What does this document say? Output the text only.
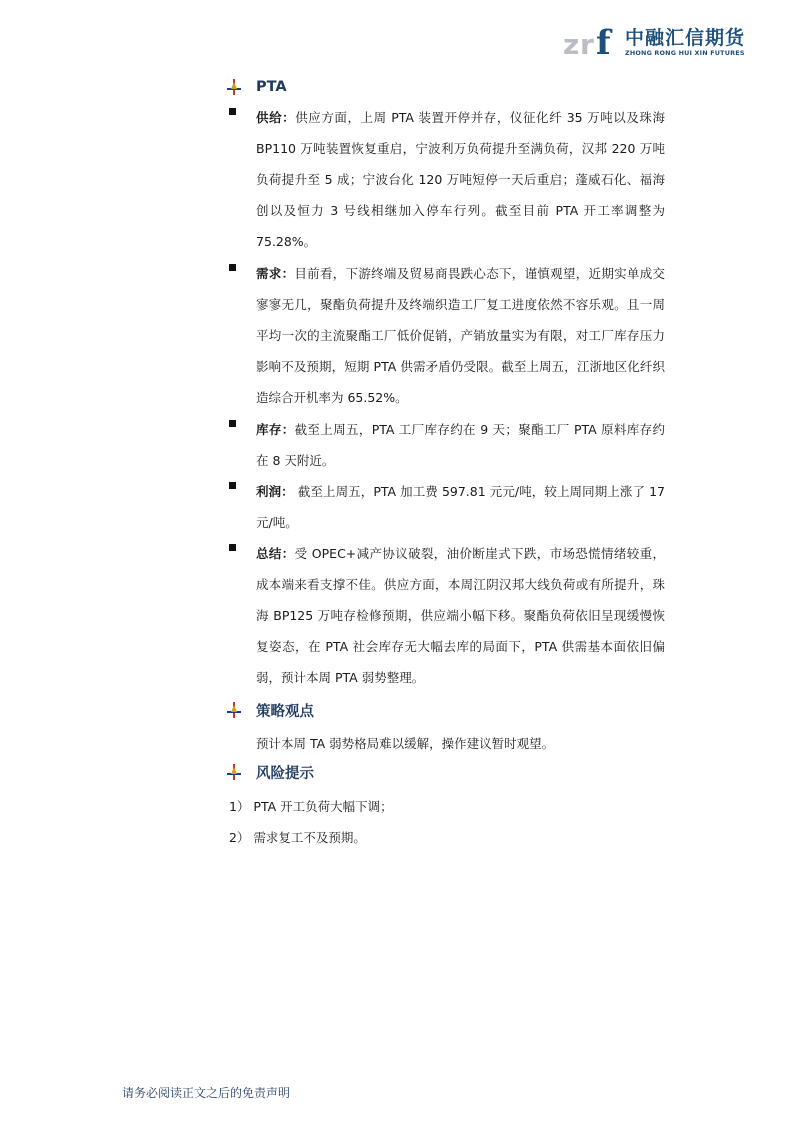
z r f 中融汇信期货
ZHONG RONG HUI XIN FUTURES
PTA
供给：供应方面，上周 PTA 装置开停并存，仪征化纤 35 万吨以及珠海 BP110 万吨装置恢复重启，宁波利万负荷提升至满负荷，汉邦 220 万吨负荷提升至 5 成；宁波台化 120 万吨短停一天后重启；蓬威石化、福海创以及恒力 3 号线相继加入停车行列。截至目前 PTA 开工率调整为 75.28%。
需求：目前看，下游终端及贸易商畏跌心态下，谨慎观望，近期实单成交寥寥无几，聚酯负荷提升及终端织造工厂复工进度依然不容乐观。且一周平均一次的主流聚酯工厂低价促销，产销放量实为有限，对工厂库存压力影响不及预期，短期 PTA 供需矛盾仍受限。截至上周五，江浙地区化纤织造综合开机率为 65.52%。
库存：截至上周五，PTA 工厂库存约在 9 天；聚酯工厂 PTA 原料库存约在 8 天附近。
利润： 截至上周五，PTA 加工费 597.81 元元/吨，较上周同期上涨了 17 元/吨。
总结：受 OPEC+减产协议破裂，油价断崖式下跌，市场恐慌情绪较重，成本端来看支撑不佳。供应方面，本周江阴汉邦大线负荷或有所提升，珠海 BP125 万吨存检修预期，供应端小幅下移。聚酯负荷依旧呈现缓慢恢复姿态，在 PTA 社会库存无大幅去库的局面下，PTA 供需基本面依旧偏弱，预计本周 PTA 弱势整理。
策略观点
预计本周 TA 弱势格局难以缓解，操作建议暂时观望。
风险提示
1） PTA 开工负荷大幅下调；
2） 需求复工不及预期。
请务必阅读正文之后的免责声明
